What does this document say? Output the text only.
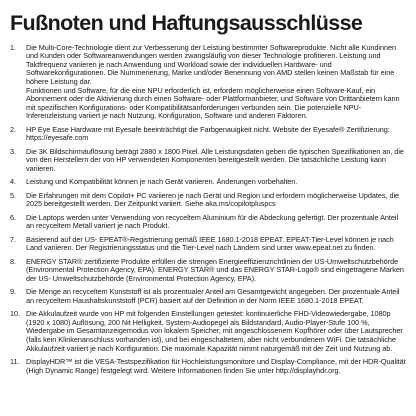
Fußnoten und Haftungsausschlüsse
1.	Die Multi-Core-Technologie dient zur Verbesserung der Leistung bestimmter Softwareprodukte. Nicht alle Kundinnen und Kunden oder Softwareanwendungen werden zwangsläufig von dieser Technologie profitieren. Leistung und Taktfrequenz variieren je nach Anwendung und Workload sowie der individuellen Hardware- und Softwarekonfigurationen. Die Nummerierung, Marke und/oder Benennung von AMD stellen keinen Maßstab für eine höhere Leistung dar.

Funktionen und Software, für die eine NPU erforderlich ist, erfordern möglicherweise einen Software-Kauf, ein Abonnement oder die Aktivierung durch einen Software- oder Plattformanbieter, und Software von Drittanbietern kann mit spezifischen Konfigurations- oder Kompatibilitätsanforderungen verbunden sein. Die potenzielle NPU-Inferenzleistung variiert je nach Nutzung, Konfiguration, Software und anderen Faktoren.

2.	HP Eye Ease Hardware mit Eyesafe beeinträchtigt die Farbgenauigkeit nicht. Website der Eyesafe® Zertifizierung: https://eyesafe.com

3.	Die 3K Bildschirmauflösung beträgt 2880 x 1800 Pixel. Alle Leistungsdaten geben die typischen Spezifikationen an, die von den Herstellern der von HP verwendeten Komponenten bereitgestellt werden. Die tatsächliche Leistung kann variieren.

4.	Leistung und Kompatibilität können je nach Gerät variieren. Änderungen vorbehalten.

5.	Die Erfahrungen mit dem Copilot+ PC variieren je nach Gerät und Region und erfordern möglicherweise Updates, die 2025 bereitgestellt werden. Der Zeitpunkt variiert. Siehe aka.ms/copilotpluspcs

6.	Die Laptops werden unter Verwendung von recyceltem Aluminium für die Abdeckung gefertigt. Der prozentuale Anteil an recyceltem Metall variiert je nach Produkt.

7.	Basierend auf der US- EPEAT®-Registrierung gemäß IEEE 1680.1-2018 EPEAT. EPEAT-Tier-Level können je nach Land variieren. Der Registrierungsstatus und die Tier-Level nach Ländern sind unter www.epeat.net zu finden.

8.	ENERGY STAR® zertifizierte Produkte erfüllen die strengen Energieeffizienzrichtlinien der US-Umweltschutzbehörde (Environmental Protection Agency, EPA). ENERGY STAR® und das ENERGY STAR-Logo® sind eingetragene Marken der US- Umweltschutzbehörde (Environmental Protection Agency, EPA).

9.	Die Menge an recyceltem Kunststoff ist als prozentualer Anteil am Gesamtgewicht angegeben. Der prozentuale Anteil an recyceltem Haushaltskunststoff (PCR) basiert auf der Definition in der Norm IEEE 1680.1-2018 EPEAT.

10. Die Akkulaufzeit wurde von HP mit folgenden Einstellungen getestet: kontinuierliche FHD-Videowiedergabe, 1080p (1920 x 1080) Auflösung, 200 Nit Helligkeit, System-Audiopegel als Bildstandard, Audio-Player-Stufe 100 %, Wiedergabe im Gesamtanzeigemodus von lokalem Speicher, mit angeschlossenem Kopfhörer oder über Lautsprecher (falls kein Klinkenanschluss vorhanden ist), und bei eingeschaltetem, aber nicht verbundenem WiFi. Die tatsächliche Akkulaufzeit variiert je nach Konfiguration. Die maximale Kapazität nimmt naturgemäß mit der Zeit und Nutzung ab.

11. DisplayHDR™ ist die VESA-Testspezifikation für Hochleistungsmonitore und Display-Compliance, mit der HDR-Qualität (High Dynamic Range) festgelegt wird. Weitere Informationen finden Sie unter http://displayhdr.org.
